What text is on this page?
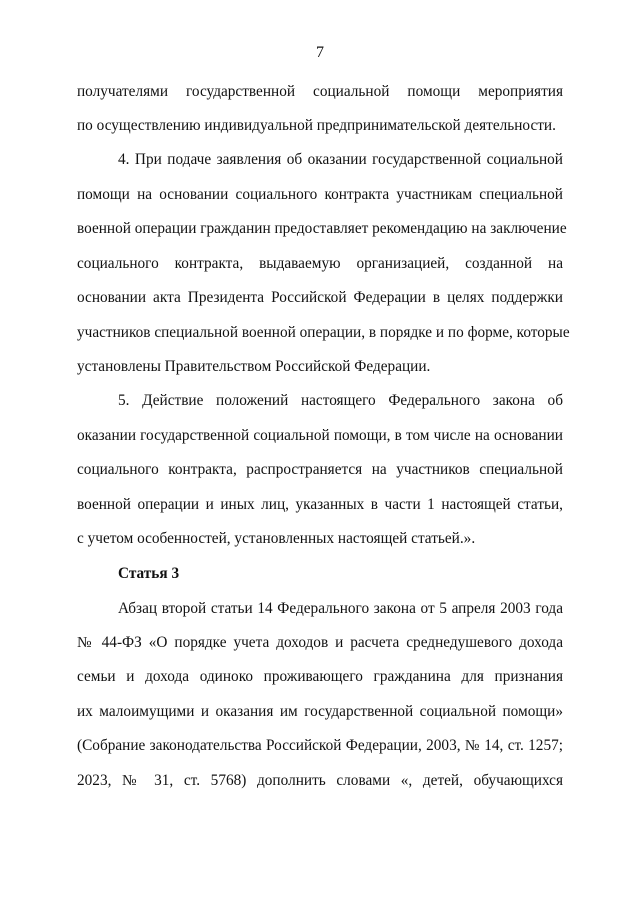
7
получателями государственной социальной помощи мероприятия
по осуществлению индивидуальной предпринимательской деятельности.
4. При подаче заявления об оказании государственной социальной
помощи на основании социального контракта участникам специальной
военной операции гражданин предоставляет рекомендацию на заключение
социального контракта, выдаваемую организацией, созданной на
основании акта Президента Российской Федерации в целях поддержки
участников специальной военной операции, в порядке и по форме, которые
установлены Правительством Российской Федерации.
5. Действие положений настоящего Федерального закона об
оказании государственной социальной помощи, в том числе на основании
социального контракта, распространяется на участников специальной
военной операции и иных лиц, указанных в части 1 настоящей статьи,
с учетом особенностей, установленных настоящей статьей.».
Статья 3
Абзац второй статьи 14 Федерального закона от 5 апреля 2003 года
№ 44-ФЗ «О порядке учета доходов и расчета среднедушевого дохода
семьи и дохода одиноко проживающего гражданина для признания
их малоимущими и оказания им государственной социальной помощи»
(Собрание законодательства Российской Федерации, 2003, № 14, ст. 1257;
2023, № 31, ст. 5768) дополнить словами «, детей, обучающихся
